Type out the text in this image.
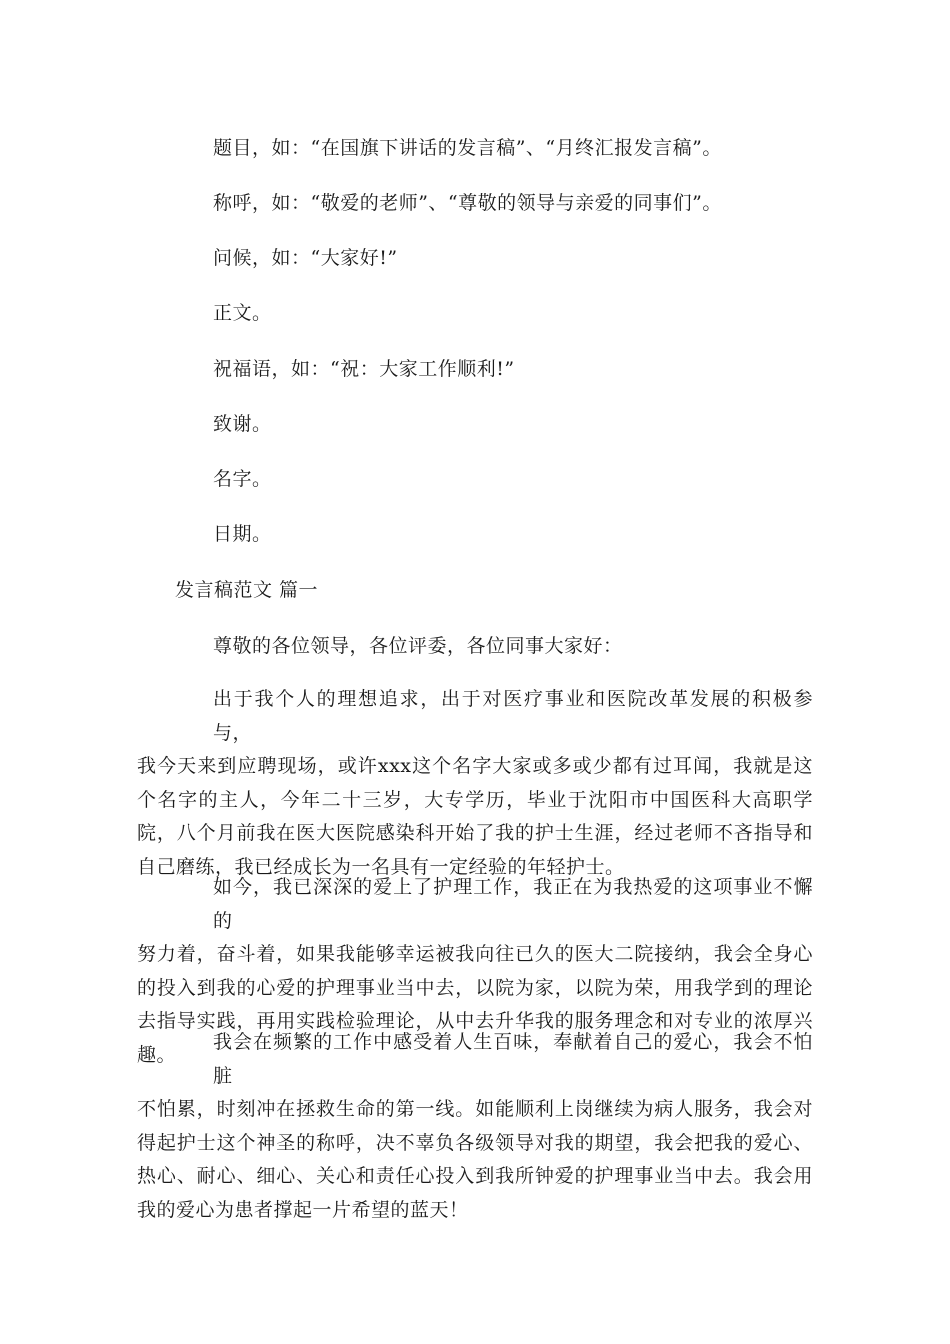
题目，如：“在国旗下讲话的发言稿”、“月终汇报发言稿”。
称呼，如：“敬爱的老师”、“尊敬的领导与亲爱的同事们”。
问候，如：“大家好!”
正文。
祝福语，如：“祝：大家工作顺利!”
致谢。
名字。
日期。
发言稿范文 篇一
尊敬的各位领导，各位评委，各位同事大家好：
出于我个人的理想追求，出于对医疗事业和医院改革发展的积极参与，
我今天来到应聘现场，或许xxx这个名字大家或多或少都有过耳闻，我就是这个名字的主人，今年二十三岁，大专学历，毕业于沈阳市中国医科大高职学院，八个月前我在医大医院感染科开始了我的护士生涯，经过老师不吝指导和自己磨练，我已经成长为一名具有一定经验的年轻护士。
如今，我已深深的爱上了护理工作，我正在为我热爱的这项事业不懈的
努力着，奋斗着，如果我能够幸运被我向往已久的医大二院接纳，我会全身心的投入到我的心爱的护理事业当中去，以院为家，以院为荣，用我学到的理论去指导实践，再用实践检验理论，从中去升华我的服务理念和对专业的浓厚兴趣。
我会在频繁的工作中感受着人生百味，奉献着自己的爱心，我会不怕脏
不怕累，时刻冲在拯救生命的第一线。如能顺利上岗继续为病人服务，我会对得起护士这个神圣的称呼，决不辜负各级领导对我的期望，我会把我的爱心、热心、耐心、细心、关心和责任心投入到我所钟爱的护理事业当中去。我会用我的爱心为患者撑起一片希望的蓝天！
